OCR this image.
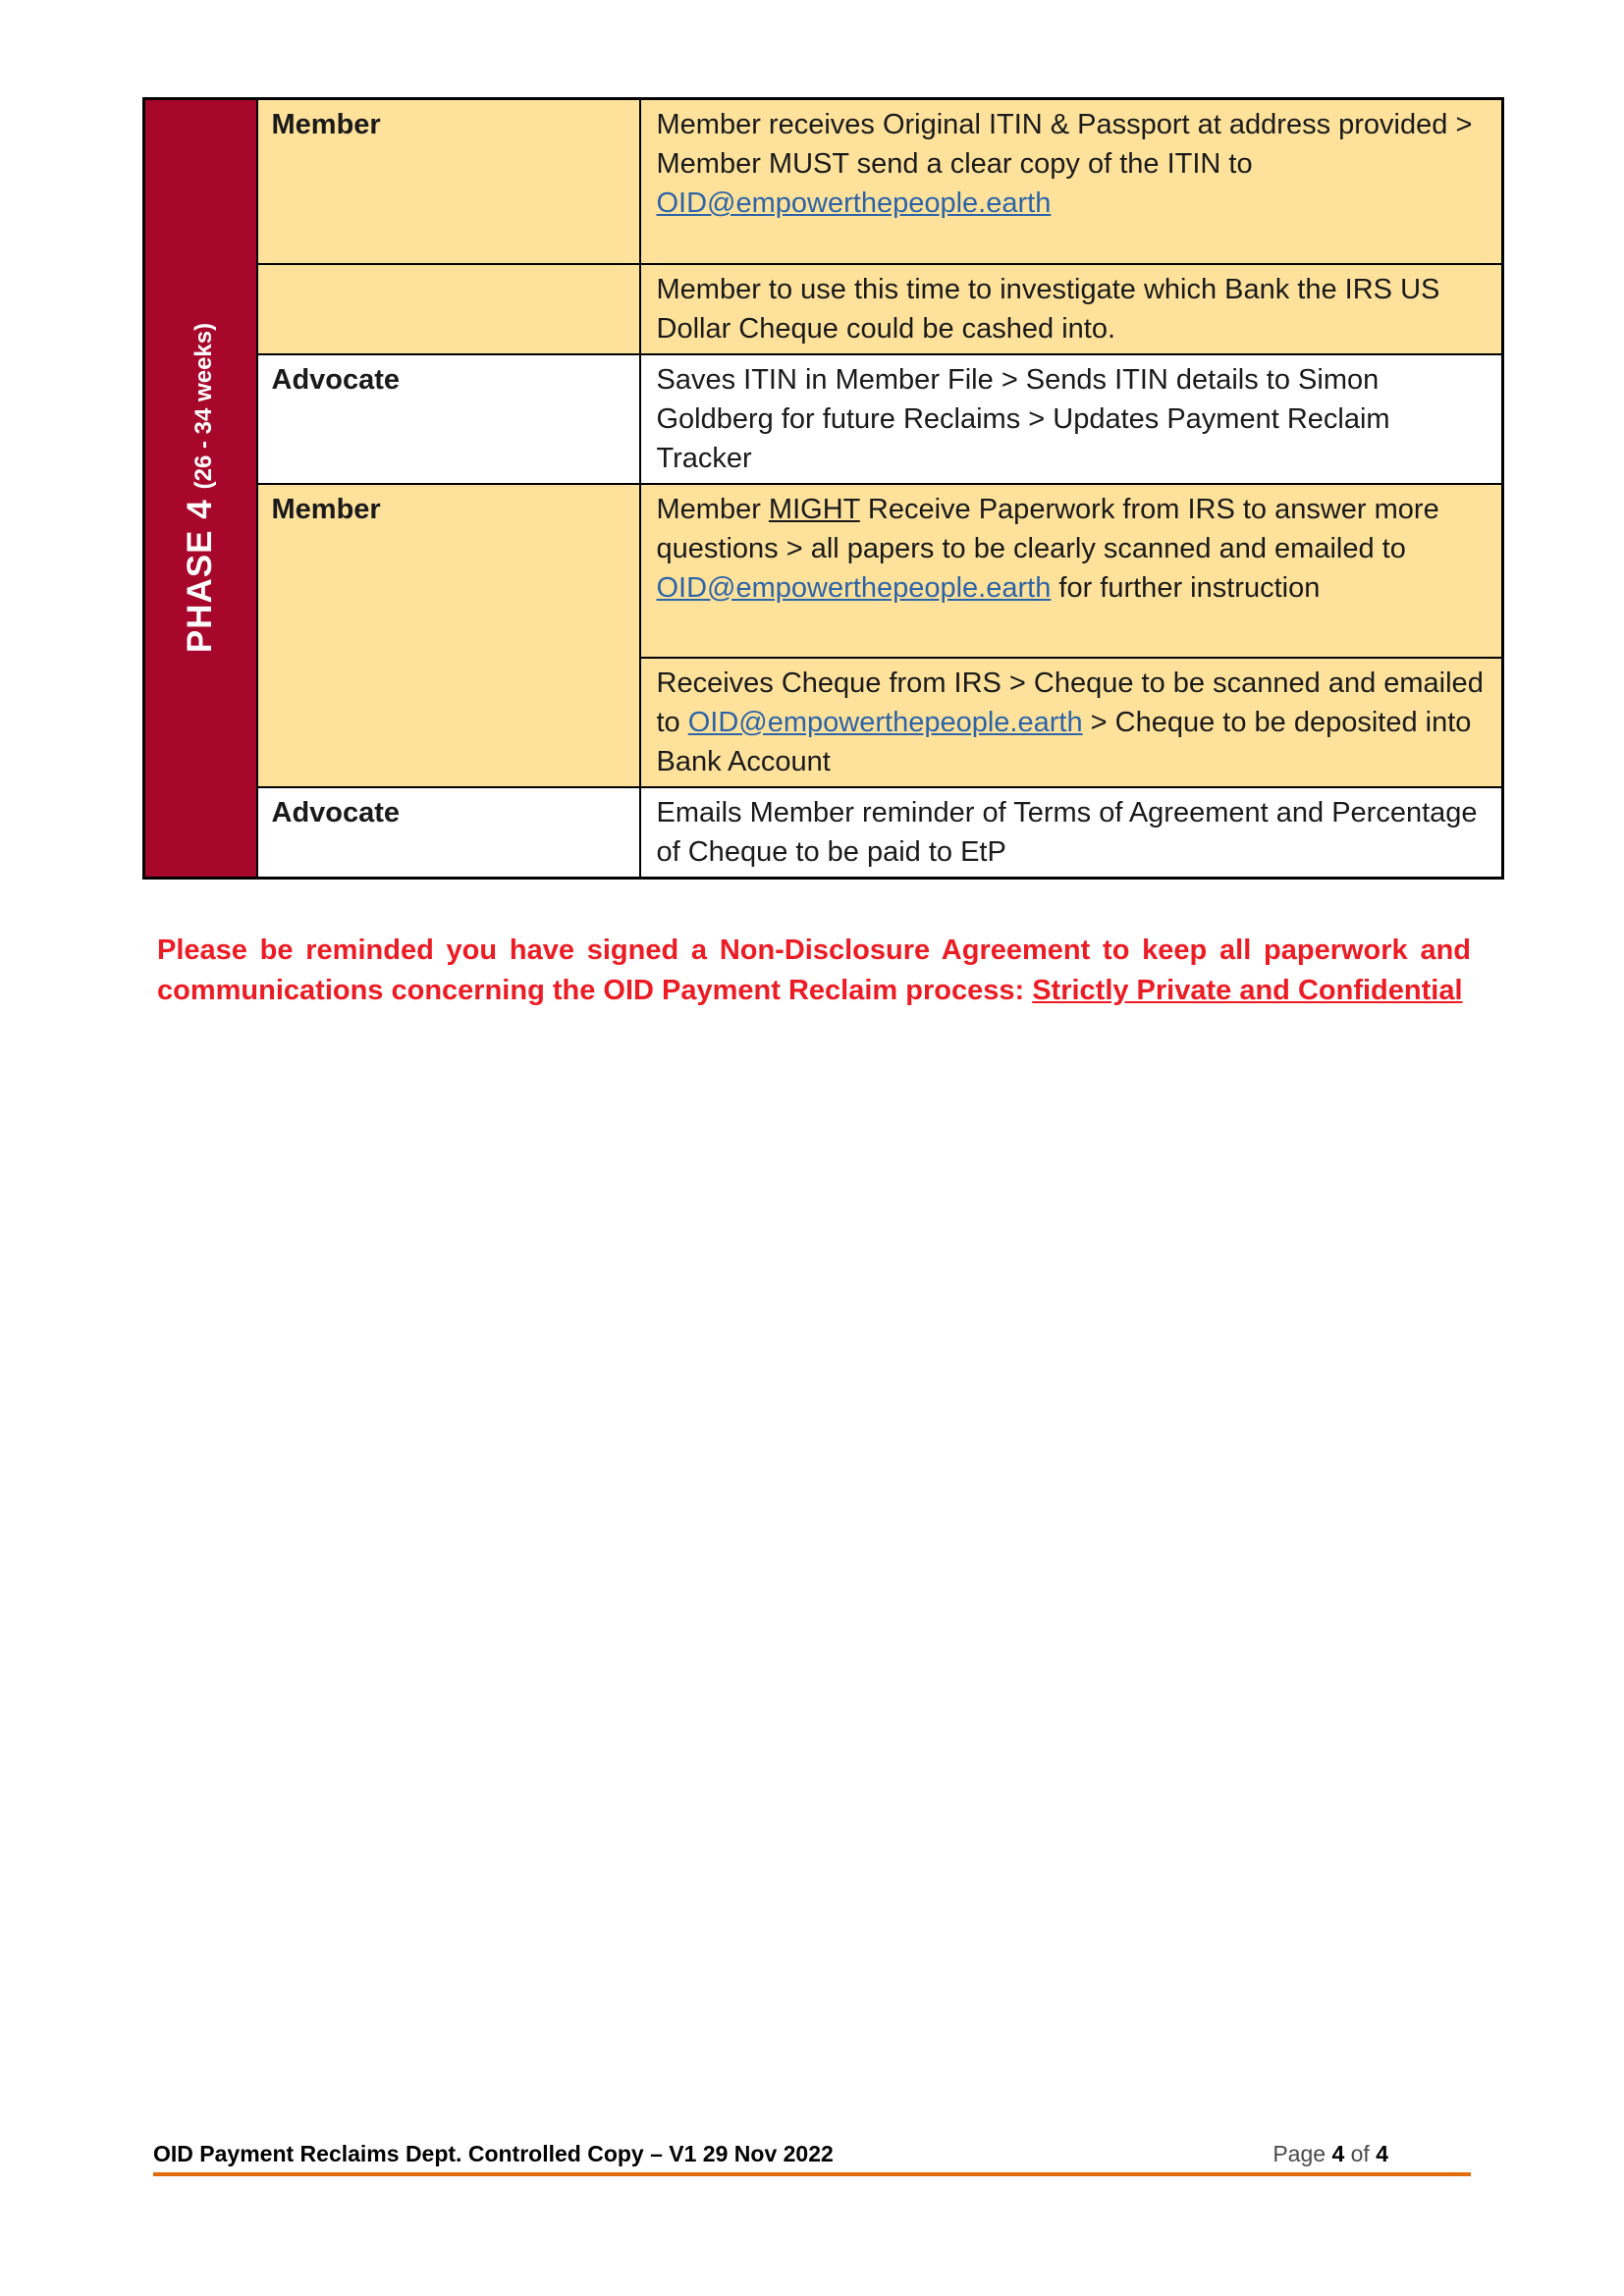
PHASE 4(26 - 34 weeks)	Member	Member receives Original ITIN & Passport at address provided > Member MUST send a clear copy of the ITIN to OID@empowerthepeople.earth
		Member to use this time to investigate which Bank the IRS US Dollar Cheque could be cashed into.
	Advocate	Saves ITIN in Member File > Sends ITIN details to Simon Goldberg for future Reclaims > Updates Payment Reclaim Tracker
	Member	Member MIGHT Receive Paperwork from IRS to answer more questions > all papers to be clearly scanned and emailed to OID@empowerthepeople.earth for further instruction
		Receives Cheque from IRS > Cheque to be scanned and emailed to OID@empowerthepeople.earth > Cheque to be deposited into Bank Account
	Advocate	Emails Member reminder of Terms of Agreement and Percentage of Cheque to be paid to EtP
Please be reminded you have signed a Non-Disclosure Agreement to keep all paperwork and
communications concerning the OID Payment Reclaim process: Strictly Private and Confidential
OID Payment Reclaims Dept. Controlled Copy – V1 29 Nov 2022	Page 4 of 4
